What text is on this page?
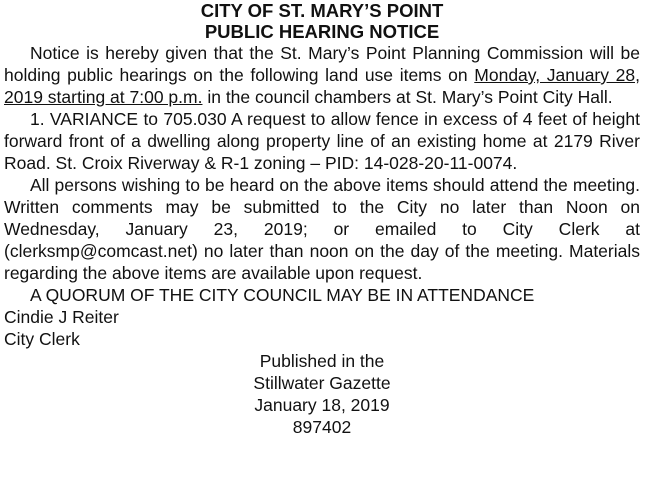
CITY OF ST. MARY’S POINT
PUBLIC HEARING NOTICE

Notice is hereby given that the St. Mary’s Point Planning Commission will be holding public hearings on the following land use items on Monday, January 28, 2019 starting at 7:00 p.m. in the council chambers at St. Mary’s Point City Hall.

1. VARIANCE to 705.030 A request to allow fence in excess of 4 feet of height forward front of a dwelling along property line of an existing home at 2179 River Road. St. Croix Riverway & R-1 zoning – PID: 14-028-20-11-0074.

All persons wishing to be heard on the above items should attend the meeting. Written comments may be submitted to the City no later than Noon on Wednesday, January 23, 2019; or emailed to City Clerk at (clerksmp@comcast.net) no later than noon on the day of the meeting. Materials regarding the above items are available upon request.

A QUORUM OF THE CITY COUNCIL MAY BE IN ATTENDANCE

Cindie J Reiter

City Clerk

Published in the

Stillwater Gazette

January 18, 2019

897402
